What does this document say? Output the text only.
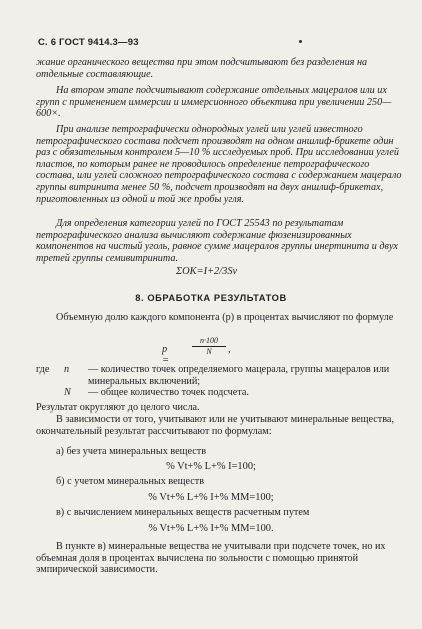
С. 6 ГОСТ 9414.3—93
жание органического вещества при этом подсчитывают без разделения на отдельные составляющие.
На втором этапе подсчитывают содержание отдельных мацералов или их групп с применением иммерсии и иммерсионного объектива при увеличении 250—600×.
При анализе петрографически однородных углей или углей известного петрографического состава подсчет производят на одном аншлиф-брикете один раз с обязательным контролем 5—10 % исследуемых проб. При исследовании углей пластов, по которым ранее не проводилось определение петрографического состава, или углей сложного петрографического состава с содержанием мацерало группы витринита менее 50 %, подсчет производят на двух аншлиф-брикетах, приготовленных из одной и той же пробы угля.
Для определения категории углей по ГОСТ 25543 по результатам петрографического анализа вычисляют содержание фюзенизированных компонентов на чистый уголь, равное сумме мацералов группы инертинита и двух третей группы семивитринита.
ΣОК=I+2/3Sv
8. ОБРАБОТКА РЕЗУЛЬТАТОВ
Объемную долю каждого компонента (p) в процентах вычисляют по формуле
p =
$\frac{n\cdot 100}{N}$ ,
где n — количество точек определяемого мацерала, группы мацералов или минеральных включений;
N — общее количество точек подсчета.
Результат округляют до целого числа.
В зависимости от того, учитывают или не учитывают минеральные вещества, окончательный результат рассчитывают по формулам:
а) без учета минеральных веществ
% Vt+% L+% I=100;
б) с учетом минеральных веществ
% Vt+% L+% I+% MM=100;
в) с вычислением минеральных веществ расчетным путем
% Vt+% L+% I+% MM=100.
В пункте в) минеральные вещества не учитывали при подсчете точек, но их объемная доля в процентах вычислена по зольности с помощью принятой эмпирической зависимости.
